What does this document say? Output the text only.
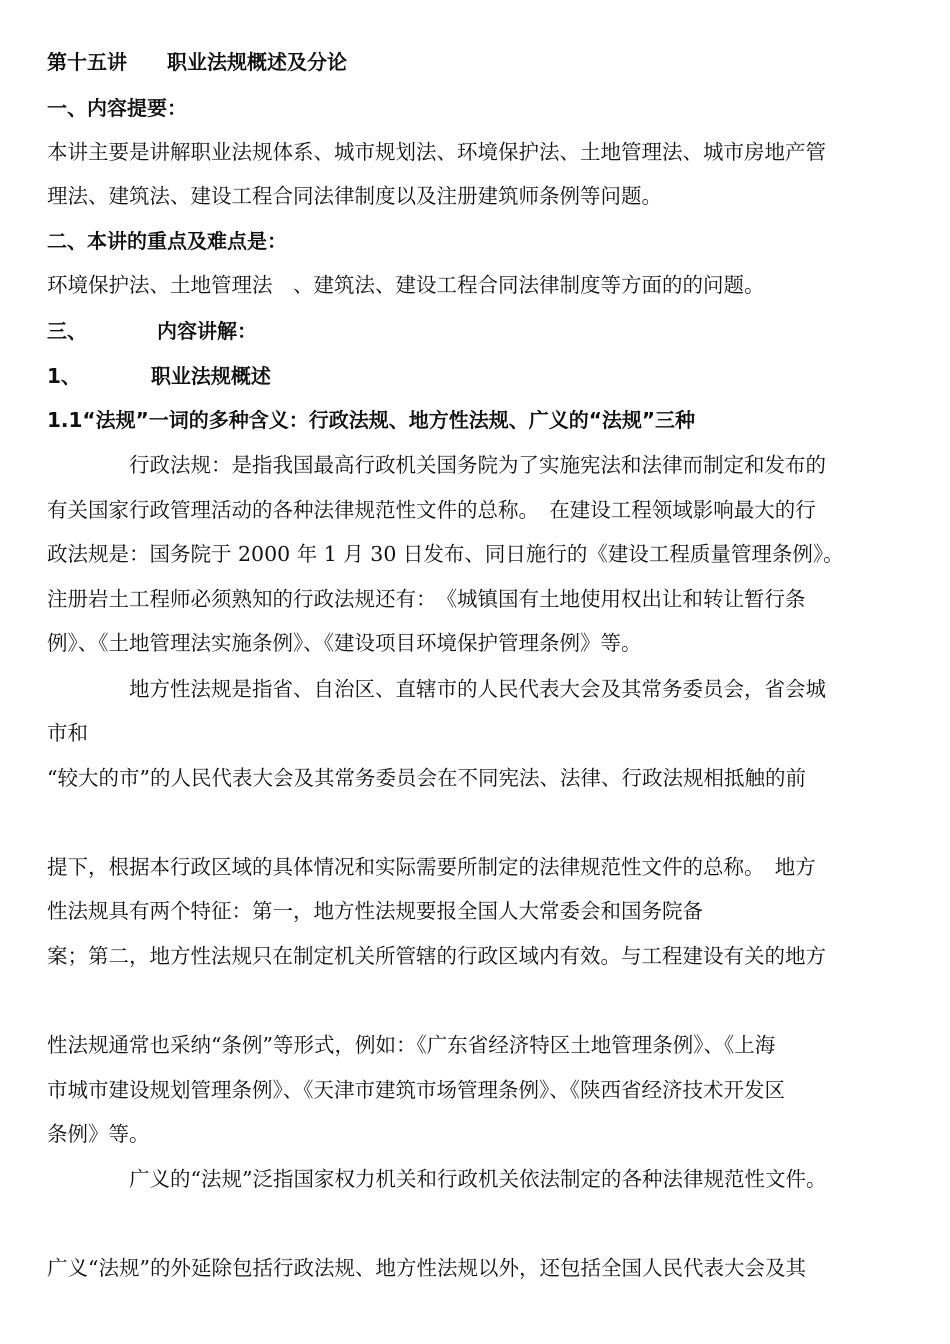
第十五讲　　职业法规概述及分论
一、内容提要：
本讲主要是讲解职业法规体系、城市规划法、环境保护法、土地管理法、城市房地产管
理法、建筑法、建设工程合同法律制度以及注册建筑师条例等问题。
二、本讲的重点及难点是：
环境保护法、土地管理法　、建筑法、建设工程合同法律制度等方面的的问题。
三、　　　　内容讲解：
1、　　　　职业法规概述
1.1“法规”一词的多种含义：行政法规、地方性法规、广义的“法规”三种
　　　　行政法规：是指我国最高行政机关国务院为了实施宪法和法律而制定和发布的
有关国家行政管理活动的各种法律规范性文件的总称。　在建设工程领域影响最大的行
政法规是：国务院于 2000 年 1 月 30 日发布、同日施行的《建设工程质量管理条例》。
注册岩土工程师必须熟知的行政法规还有：　《城镇国有土地使用权出让和转让暂行条
例》、《土地管理法实施条例》、《建设项目环境保护管理条例》等。
　　　　地方性法规是指省、自治区、直辖市的人民代表大会及其常务委员会，省会城
市和
“较大的市”的人民代表大会及其常务委员会在不同宪法、法律、行政法规相抵触的前
提下，根据本行政区域的具体情况和实际需要所制定的法律规范性文件的总称。　地方
性法规具有两个特征：第一，地方性法规要报全国人大常委会和国务院备
案；第二，地方性法规只在制定机关所管辖的行政区域内有效。与工程建设有关的地方
性法规通常也采纳“条例”等形式，例如：《广东省经济特区土地管理条例》、《上海
市城市建设规划管理条例》、《天津市建筑市场管理条例》、《陕西省经济技术开发区
条例》等。
　　　　广义的“法规”泛指国家权力机关和行政机关依法制定的各种法律规范性文件。
广义“法规”的外延除包括行政法规、地方性法规以外，还包括全国人民代表大会及其
